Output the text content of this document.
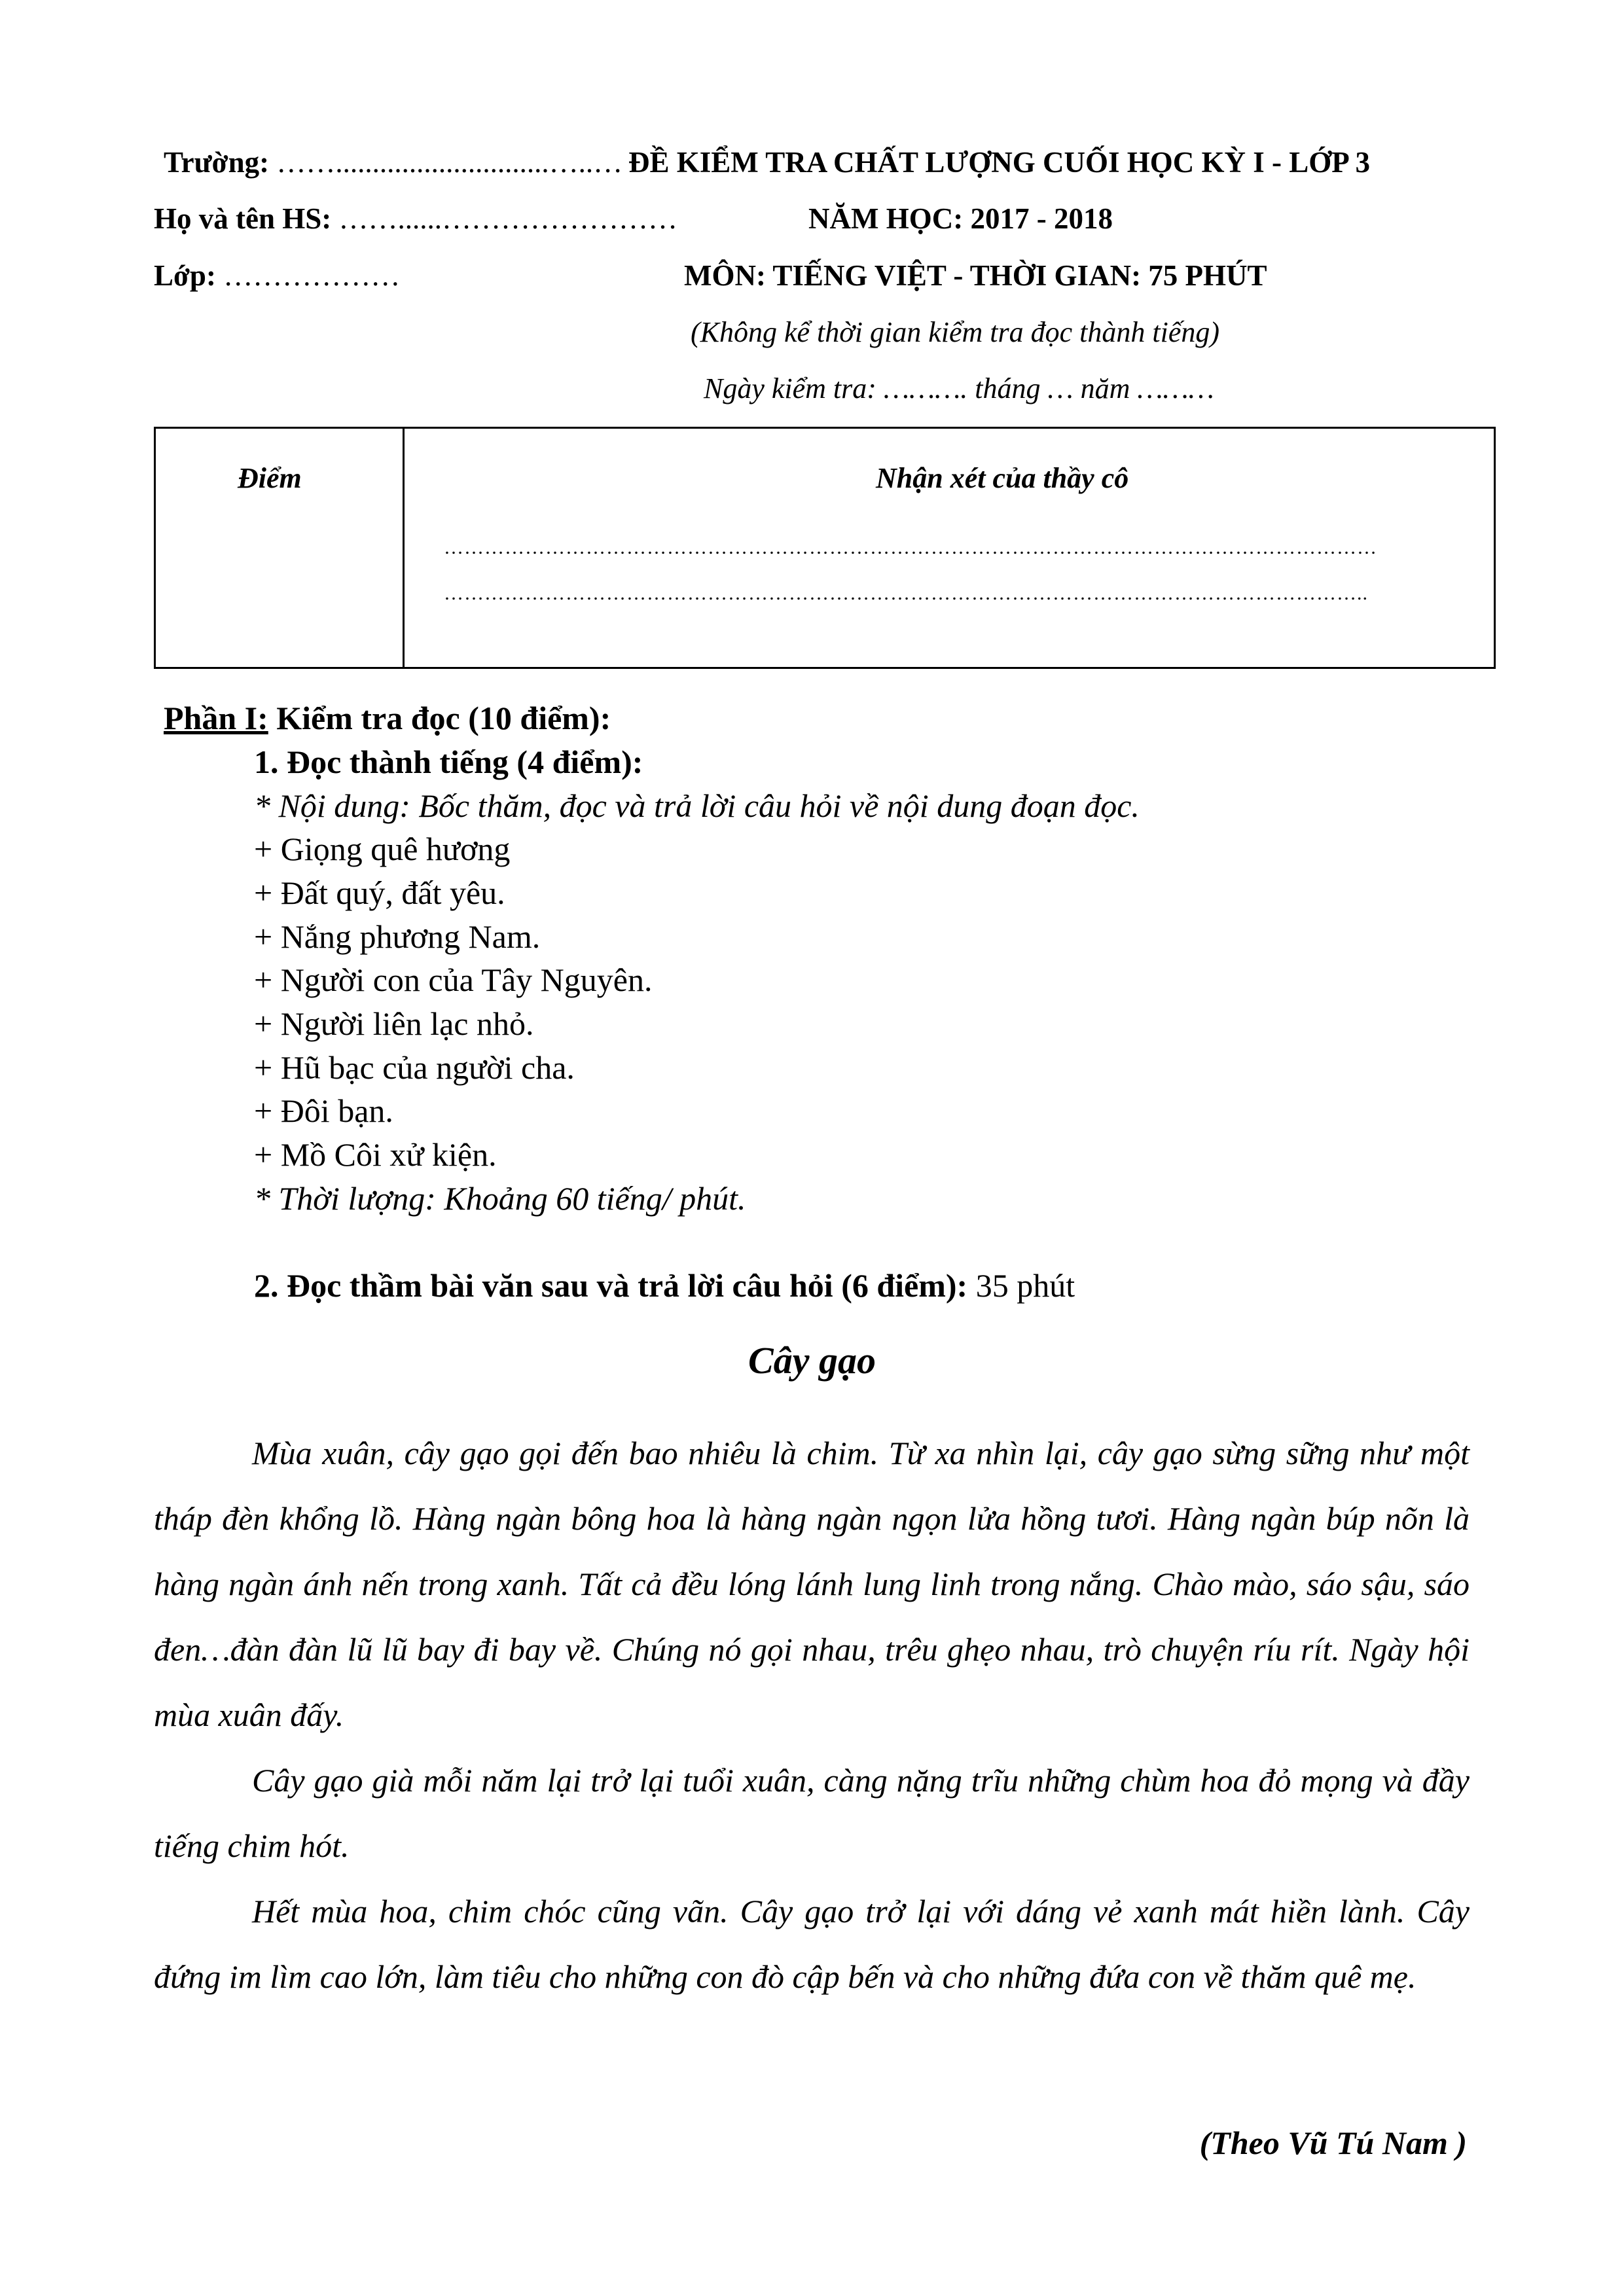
Trường: …….............................…..… ĐỀ KIỂM TRA CHẤT LƯỢNG CUỐI HỌC KỲ I - LỚP 3
Họ và tên HS: ……......……………………	NĂM HỌC: 2017 - 2018
Lớp: ………………	MÔN: TIẾNG VIỆT - THỜI GIAN: 75 PHÚT
(Không kể thời gian kiểm tra đọc thành tiếng)
Ngày kiểm tra: ………. tháng … năm ………
Điểm	Nhận xét của thầy cô
…………………………………………………………………………………………………………………………
………………………………………………………………………………………………………………………..
Phần I: Kiểm tra đọc (10 điểm):
1. Đọc thành tiếng (4 điểm):
* Nội dung: Bốc thăm, đọc và trả lời câu hỏi về nội dung đoạn đọc.
+ Giọng quê hương
+ Đất quý, đất yêu.
+ Nắng phương Nam.
+ Người con của Tây Nguyên.
+ Người liên lạc nhỏ.
+ Hũ bạc của người cha.
+ Đôi bạn.
+ Mồ Côi xử kiện.
* Thời lượng: Khoảng 60 tiếng/ phút.
2. Đọc thầm bài văn sau và trả lời câu hỏi (6 điểm): 35 phút
Cây gạo

Mùa xuân, cây gạo gọi đến bao nhiêu là chim. Từ xa nhìn lại, cây gạo sừng sững như một tháp đèn khổng lồ. Hàng ngàn bông hoa là hàng ngàn ngọn lửa hồng tươi. Hàng ngàn búp nõn là hàng ngàn ánh nến trong xanh. Tất cả đều lóng lánh lung linh trong nắng. Chào mào, sáo sậu, sáo đen…đàn đàn lũ lũ bay đi bay về. Chúng nó gọi nhau, trêu ghẹo nhau, trò chuyện ríu rít. Ngày hội mùa xuân đấy.

Cây gạo già mỗi năm lại trở lại tuổi xuân, càng nặng trĩu những chùm hoa đỏ mọng và đầy tiếng chim hót.

Hết mùa hoa, chim chóc cũng vãn. Cây gạo trở lại với dáng vẻ xanh mát hiền lành. Cây đứng im lìm cao lớn, làm tiêu cho những con đò cập bến và cho những đứa con về thăm quê mẹ.

(Theo Vũ Tú Nam )
